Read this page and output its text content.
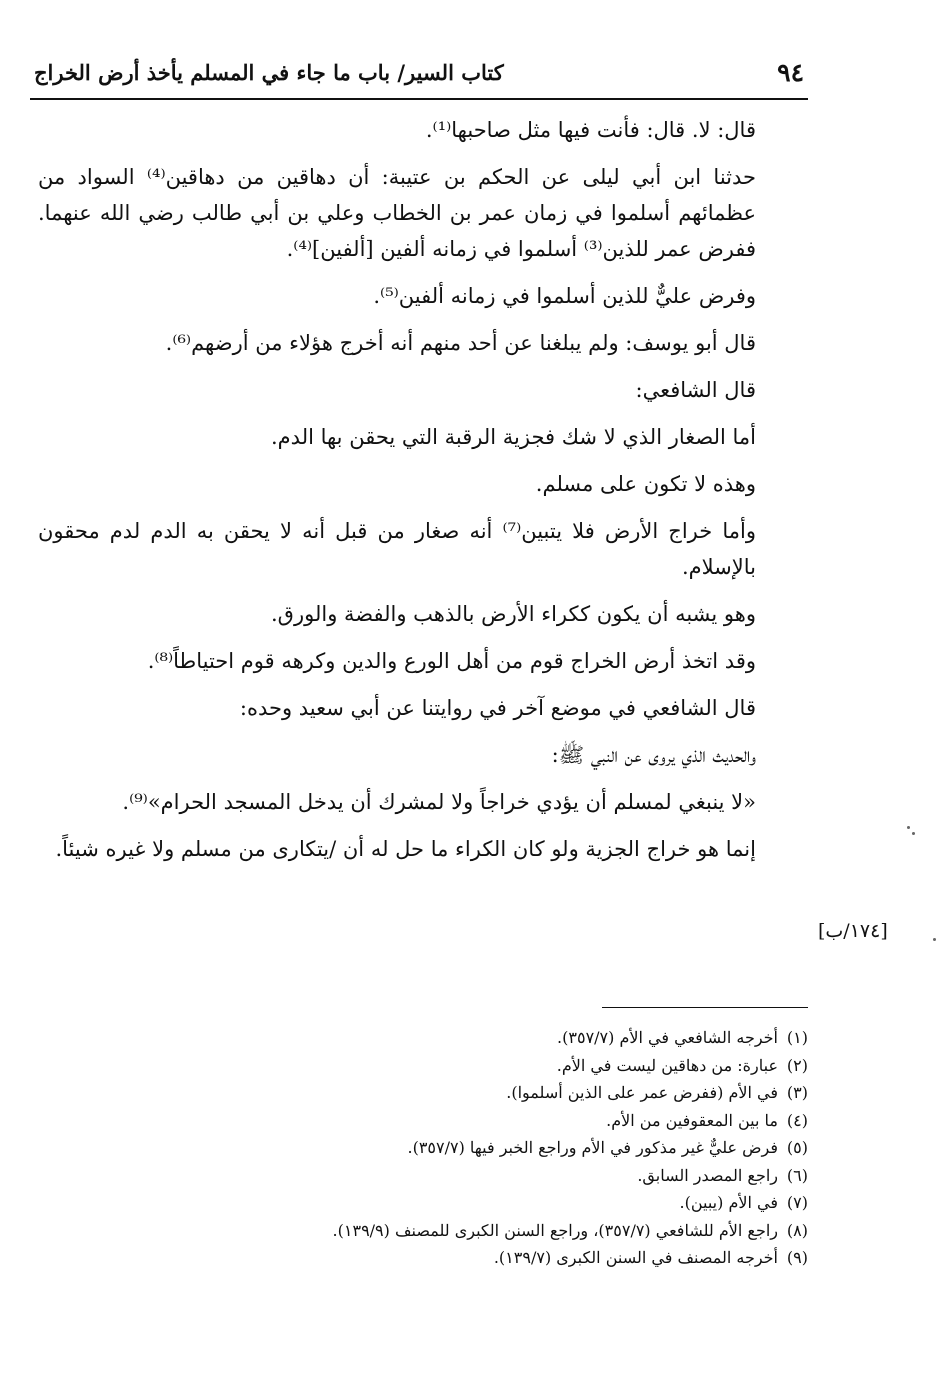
٩٤
كتاب السير/ باب ما جاء في المسلم يأخذ أرض الخراج

قال: لا. قال: فأنت فيها مثل صاحبها⁽¹⁾.

حدثنا ابن أبي ليلى عن الحكم بن عتيبة: أن دهاقين من دهاقين⁽⁴⁾ السواد من عظمائهم أسلموا في زمان عمر بن الخطاب وعلي بن أبي طالب رضي الله عنهما. ففرض عمر للذين⁽³⁾ أسلموا في زمانه ألفين [ألفين]⁽⁴⁾.

وفرض عليٌّ للذين أسلموا في زمانه ألفين⁽⁵⁾.

قال أبو يوسف: ولم يبلغنا عن أحد منهم أنه أخرج هؤلاء من أرضهم⁽⁶⁾.

قال الشافعي:

أما الصغار الذي لا شك فجزية الرقبة التي يحقن بها الدم.

وهذه لا تكون على مسلم.

وأما خراج الأرض فلا يتبين⁽⁷⁾ أنه صغار من قبل أنه لا يحقن به الدم لدم محقون بالإسلام.

وهو يشبه أن يكون ككراء الأرض بالذهب والفضة والورق.

وقد اتخذ أرض الخراج قوم من أهل الورع والدين وكرهه قوم احتياطاً⁽⁸⁾.

قال الشافعي في موضع آخر في روايتنا عن أبي سعيد وحده:

والحديث الذي يروى عن النبي ﷺ:

«لا ينبغي لمسلم أن يؤدي خراجاً ولا لمشرك أن يدخل المسجد الحرام»⁽⁹⁾.

إنما هو خراج الجزية ولو كان الكراء ما حل له أن /يتكارى من مسلم ولا غيره شيئاً.

[١٧٤/ب]
(١)أخرجه الشافعي في الأم (٣٥٧/٧).
(٢)عبارة: من دهاقين ليست في الأم.
(٣)في الأم (ففرض عمر على الذين أسلموا).
(٤)ما بين المعقوفين من الأم.
(٥)فرض عليٌّ غير مذكور في الأم وراجع الخبر فيها (٣٥٧/٧).
(٦)راجع المصدر السابق.
(٧)في الأم (يبين).
(٨)راجع الأم للشافعي (٣٥٧/٧)، وراجع السنن الكبرى للمصنف (١٣٩/٩).
(٩)أخرجه المصنف في السنن الكبرى (١٣٩/٧).
